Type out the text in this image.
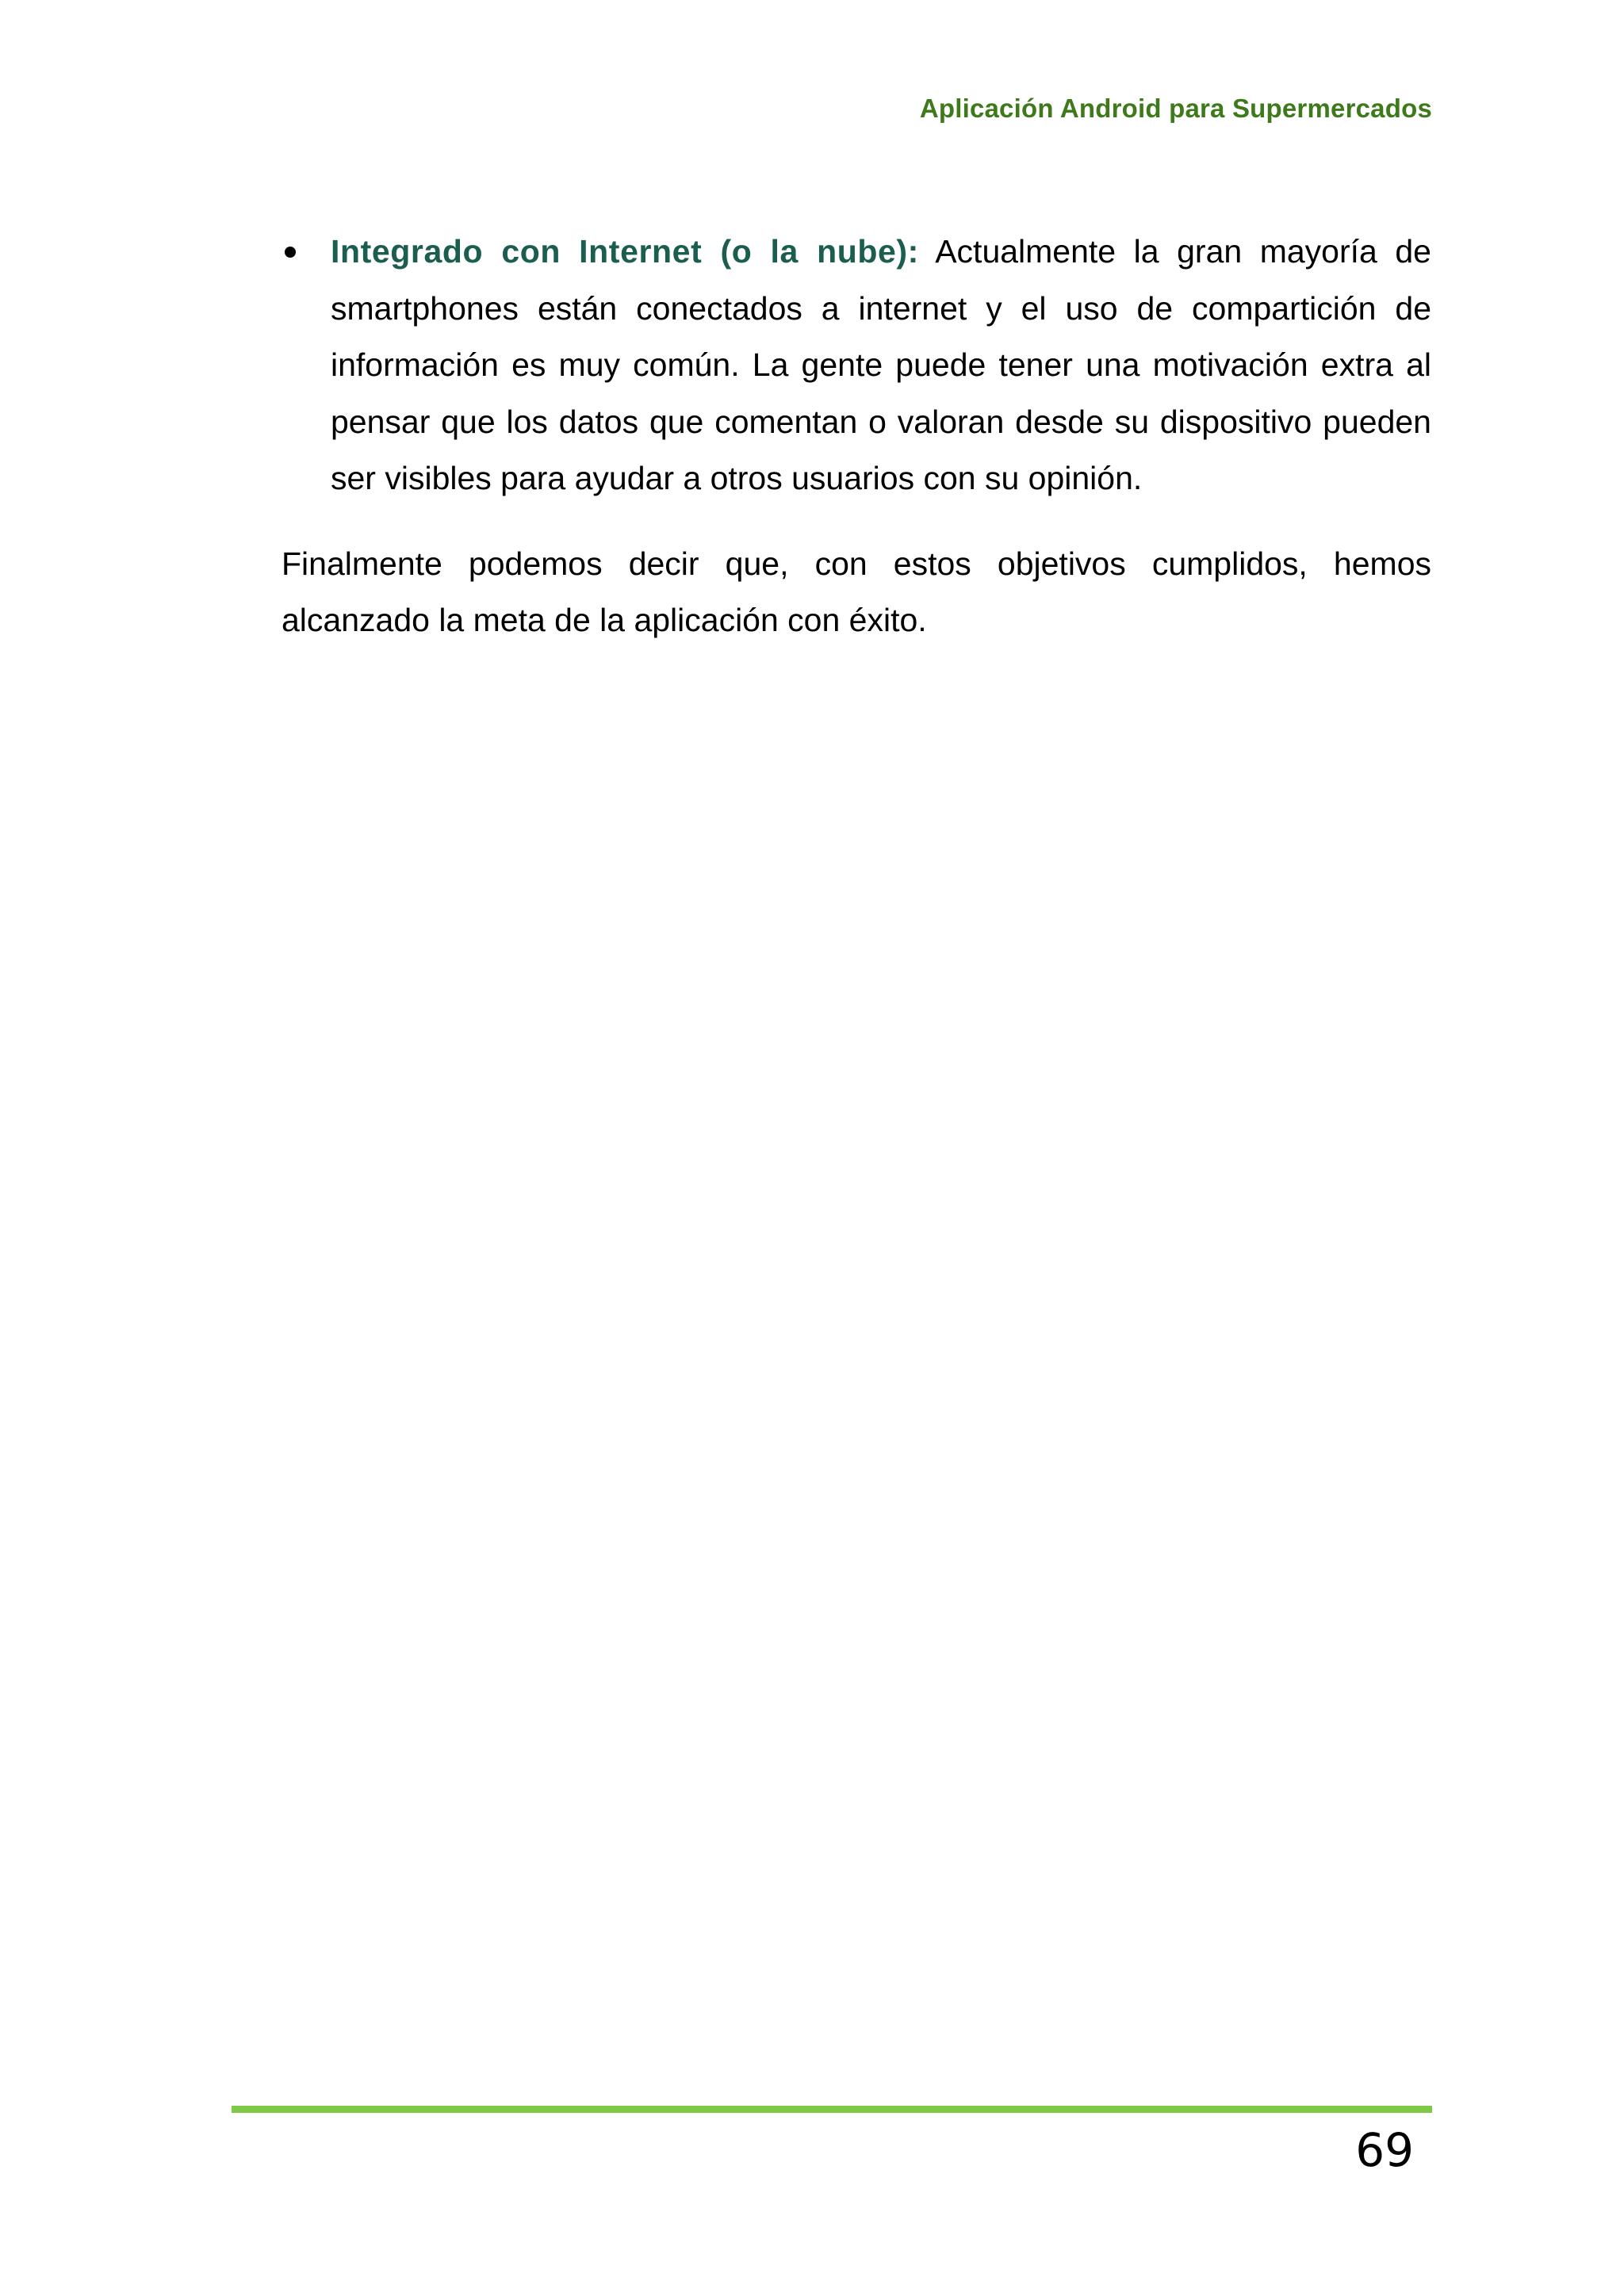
Aplicación Android para Supermercados
Integrado con Internet (o la nube): Actualmente la gran mayoría de smartphones están conectados a internet y el uso de compartición de información es muy común. La gente puede tener una motivación extra al pensar que los datos que comentan o valoran desde su dispositivo pueden ser visibles para ayudar a otros usuarios con su opinión.

Finalmente podemos decir que, con estos objetivos cumplidos, hemos alcanzado la meta de la aplicación con éxito.

69
